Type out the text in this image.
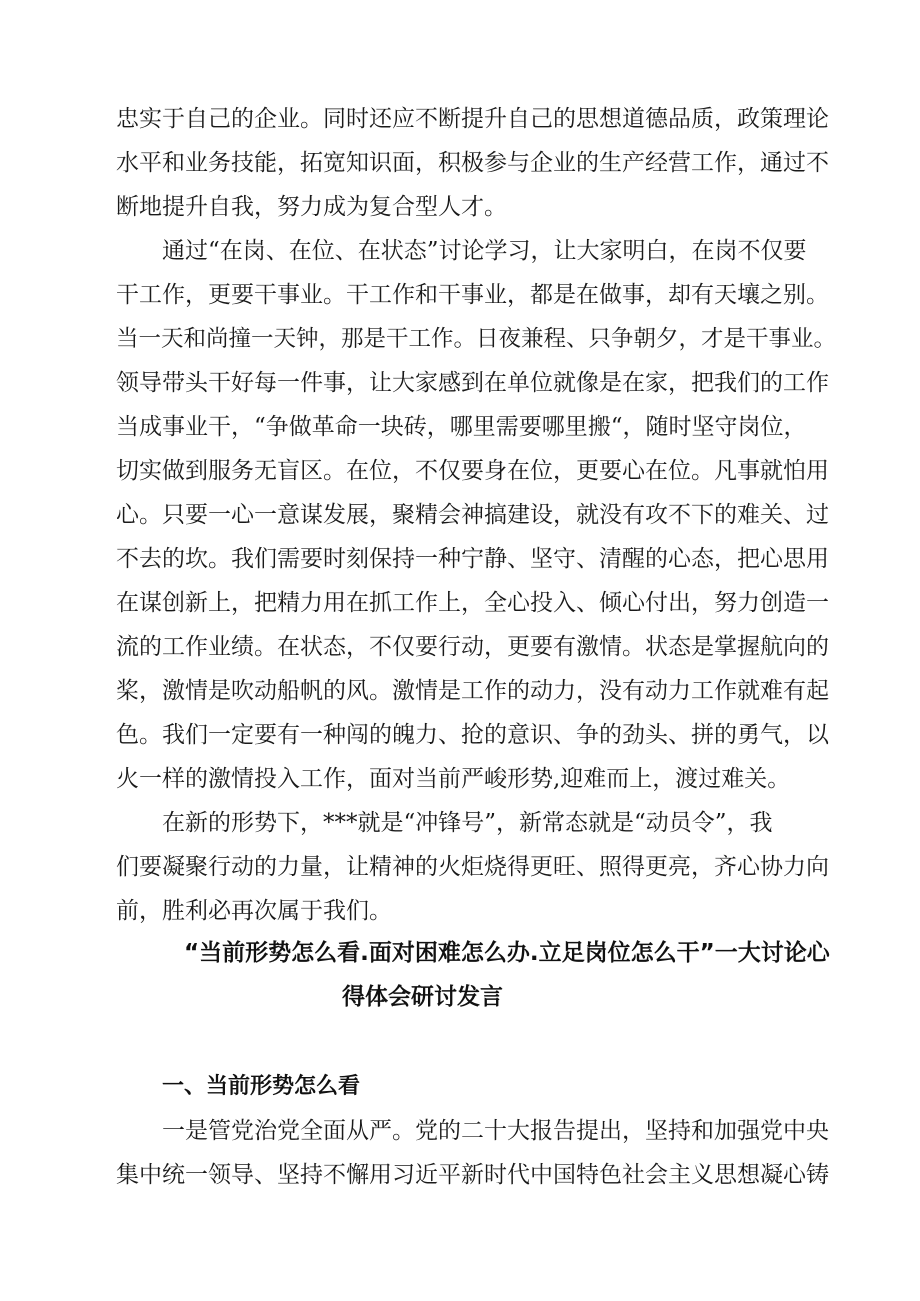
忠实于自己的企业。同时还应不断提升自己的思想道德品质，政策理论
水平和业务技能，拓宽知识面，积极参与企业的生产经营工作，通过不
断地提升自我，努力成为复合型人才。
通过“在岗、在位、在状态”讨论学习，让大家明白，在岗不仅要
干工作，更要干事业。干工作和干事业，都是在做事，却有天壤之别。
当一天和尚撞一天钟，那是干工作。日夜兼程、只争朝夕，才是干事业。
领导带头干好每一件事，让大家感到在单位就像是在家，把我们的工作
当成事业干，“争做革命一块砖，哪里需要哪里搬“，随时坚守岗位，
切实做到服务无盲区。在位，不仅要身在位，更要心在位。凡事就怕用
心。只要一心一意谋发展，聚精会神搞建设，就没有攻不下的难关、过
不去的坎。我们需要时刻保持一种宁静、坚守、清醒的心态，把心思用
在谋创新上，把精力用在抓工作上，全心投入、倾心付出，努力创造一
流的工作业绩。在状态，不仅要行动，更要有激情。状态是掌握航向的
桨，激情是吹动船帆的风。激情是工作的动力，没有动力工作就难有起
色。我们一定要有一种闯的魄力、抢的意识、争的劲头、拼的勇气，以
火一样的激情投入工作，面对当前严峻形势,迎难而上，渡过难关。
在新的形势下，***就是“冲锋号”，新常态就是“动员令”，我
们要凝聚行动的力量，让精神的火炬烧得更旺、照得更亮，齐心协力向
前，胜利必再次属于我们。
“当前形势怎么看.面对困难怎么办.立足岗位怎么干”一大讨论心
得体会研讨发言
一、当前形势怎么看
一是管党治党全面从严。党的二十大报告提出，坚持和加强党中央
集中统一领导、坚持不懈用习近平新时代中国特色社会主义思想凝心铸
